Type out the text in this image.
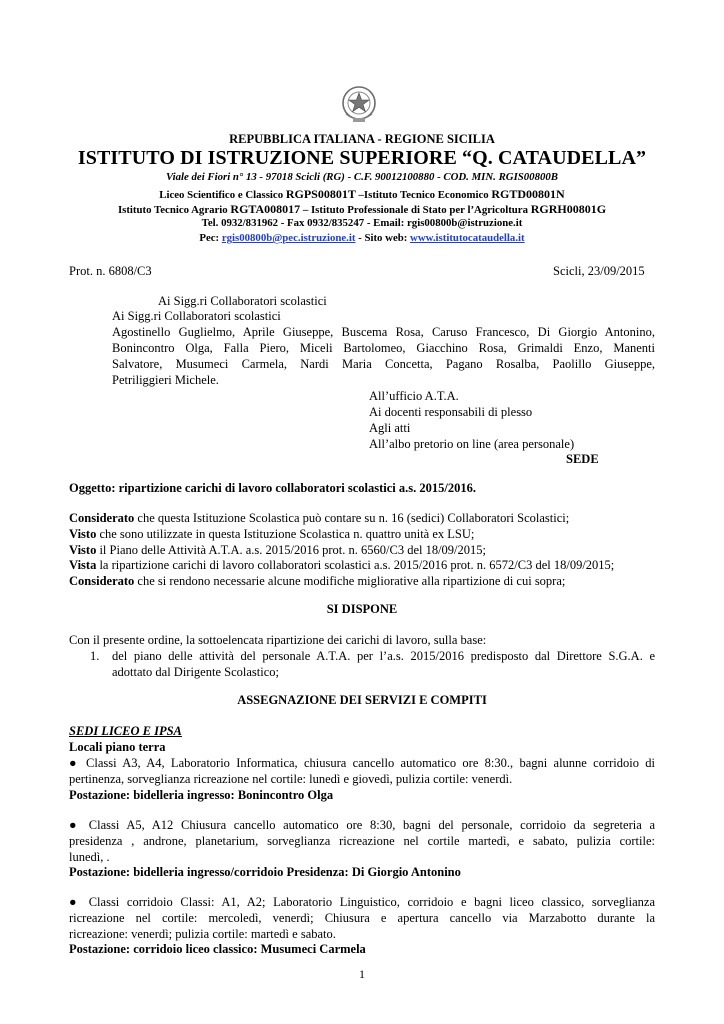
REPUBBLICA ITALIANA - REGIONE SICILIA
ISTITUTO DI ISTRUZIONE SUPERIORE “Q. CATAUDELLA”
Viale dei Fiori n° 13 - 97018 Scicli (RG) - C.F. 90012100880 - COD. MIN. RGIS00800B
Liceo Scientifico e Classico RGPS00801T –Istituto Tecnico Economico RGTD00801N
Istituto Tecnico Agrario RGTA008017 – Istituto Professionale di Stato per l’Agricoltura RGRH00801G
Tel. 0932/831962 - Fax 0932/835247 - Email: rgis00800b@istruzione.it
Pec: rgis00800b@pec.istruzione.it - Sito web: www.istitutocataudella.it
Prot. n. 6808/C3	Scicli, 23/09/2015
Ai Sigg.ri Collaboratori scolastici
Ai Sigg.ri Collaboratori scolastici
Agostinello Guglielmo, Aprile Giuseppe, Buscema Rosa, Caruso Francesco, Di Giorgio Antonino,
Bonincontro Olga, Falla Piero, Miceli Bartolomeo, Giacchino Rosa, Grimaldi Enzo, Manenti
Salvatore, Musumeci Carmela, Nardi Maria Concetta, Pagano Rosalba, Paolillo Giuseppe,
Petriliggieri Michele.
All’ufficio A.T.A.
Ai docenti responsabili di plesso
Agli atti
All’albo pretorio on line (area personale)
SEDE
Oggetto: ripartizione carichi di lavoro collaboratori scolastici a.s. 2015/2016.
Considerato che questa Istituzione Scolastica può contare su n. 16 (sedici) Collaboratori Scolastici;
Visto che sono utilizzate in questa Istituzione Scolastica n. quattro unità ex LSU;
Visto il Piano delle Attività A.T.A. a.s. 2015/2016 prot. n. 6560/C3 del 18/09/2015;
Vista la ripartizione carichi di lavoro collaboratori scolastici a.s. 2015/2016 prot. n. 6572/C3 del 18/09/2015;
Considerato che si rendono necessarie alcune modifiche migliorative alla ripartizione di cui sopra;
SI DISPONE
Con il presente ordine, la sottoelencata ripartizione dei carichi di lavoro, sulla base:
1. del piano delle attività del personale A.T.A. per l’a.s. 2015/2016 predisposto dal Direttore S.G.A. e
adottato dal Dirigente Scolastico;
ASSEGNAZIONE DEI SERVIZI E COMPITI
SEDI LICEO E IPSA
Locali piano terra
● Classi A3, A4, Laboratorio Informatica, chiusura cancello automatico ore 8:30., bagni alunne corridoio di
pertinenza, sorveglianza ricreazione nel cortile: lunedì e giovedì, pulizia cortile: venerdì.
Postazione: bidelleria ingresso: Bonincontro Olga
● Classi A5, A12 Chiusura cancello automatico ore 8:30, bagni del personale, corridoio da segreteria a
presidenza , androne, planetarium, sorveglianza ricreazione nel cortile martedì, e sabato, pulizia cortile:
lunedì, .
Postazione: bidelleria ingresso/corridoio Presidenza: Di Giorgio Antonino
● Classi corridoio Classi: A1, A2; Laboratorio Linguistico, corridoio e bagni liceo classico, sorveglianza
ricreazione nel cortile: mercoledì, venerdì; Chiusura e apertura cancello via Marzabotto durante la
ricreazione: venerdì; pulizia cortile: martedì e sabato.
Postazione: corridoio liceo classico: Musumeci Carmela
1
